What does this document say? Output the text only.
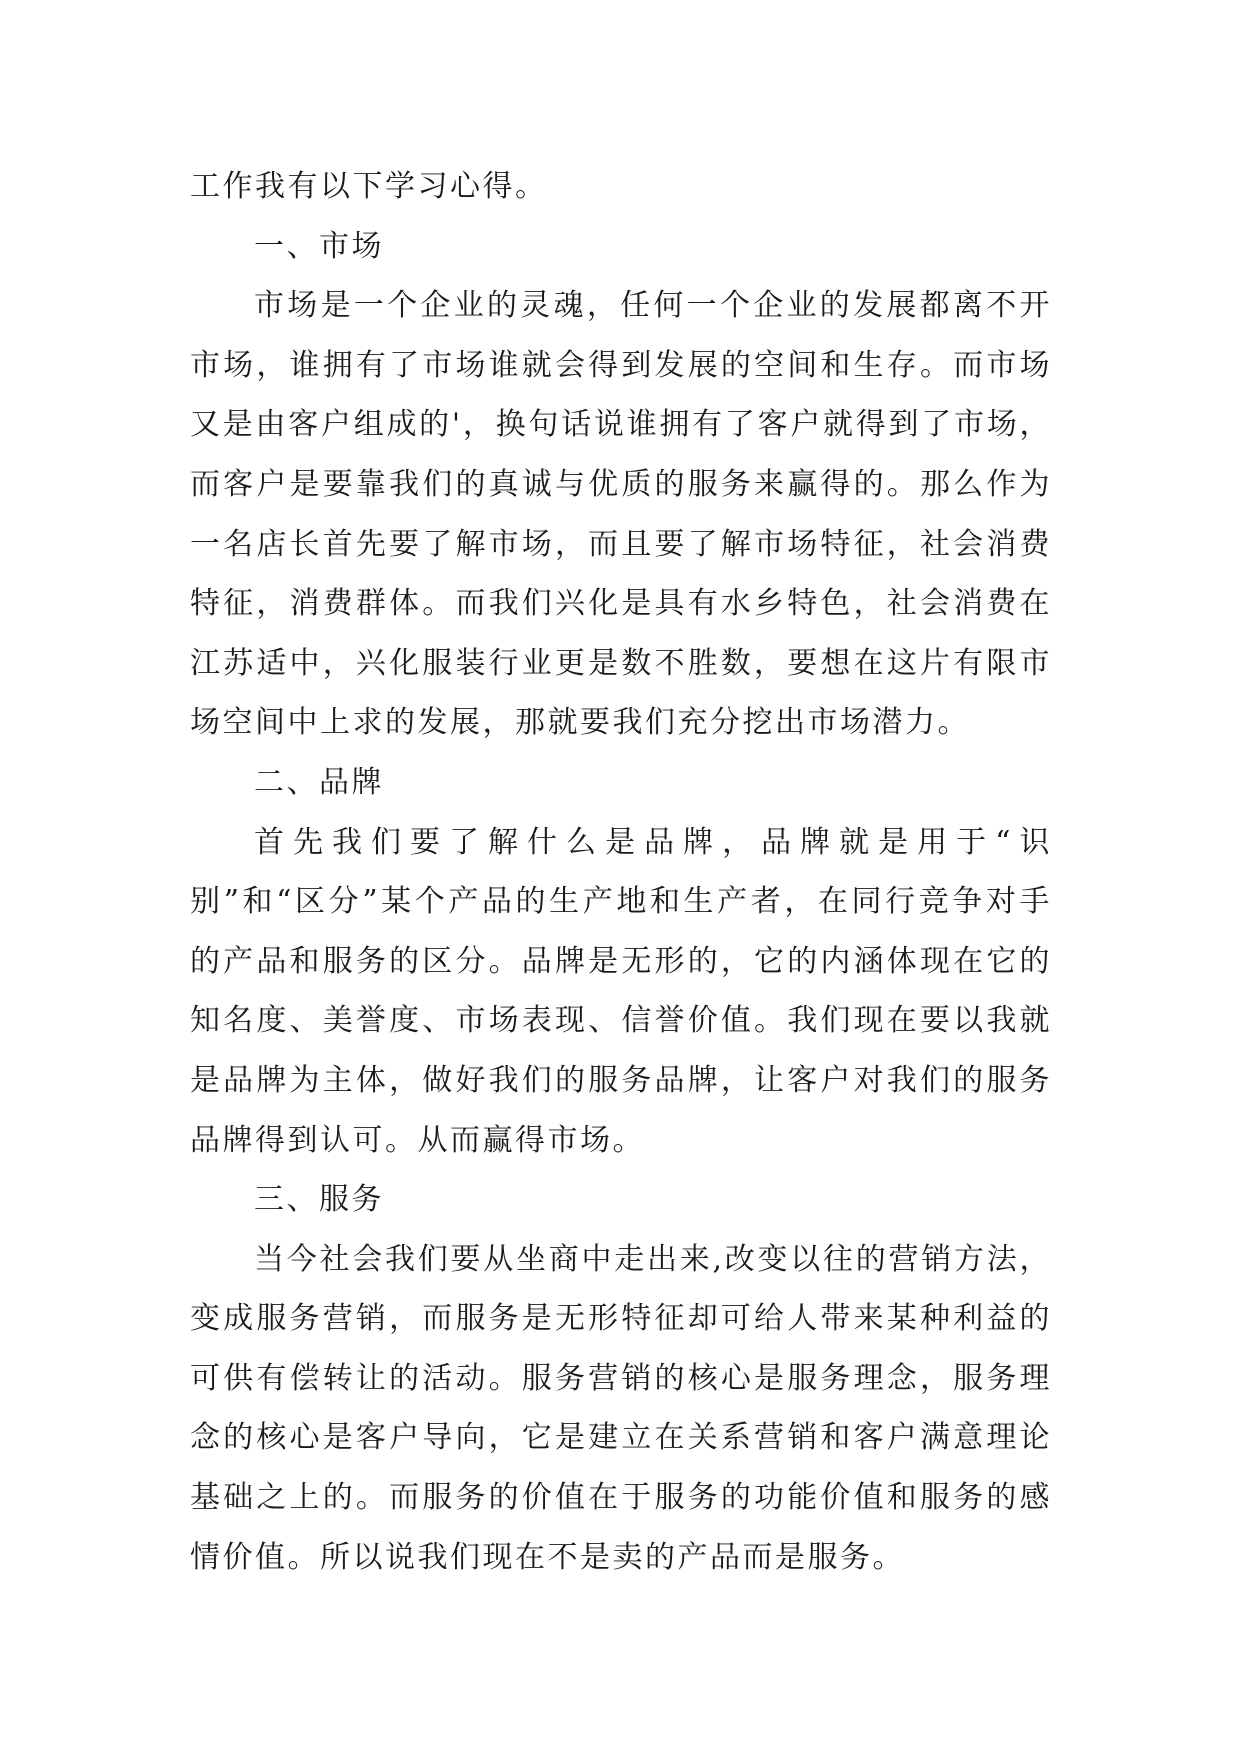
工作我有以下学习心得。

一、市场

市场是一个企业的灵魂，任何一个企业的发展都离不开市场，谁拥有了市场谁就会得到发展的空间和生存。而市场又是由客户组成的'，换句话说谁拥有了客户就得到了市场，而客户是要靠我们的真诚与优质的服务来赢得的。那么作为一名店长首先要了解市场，而且要了解市场特征，社会消费特征，消费群体。而我们兴化是具有水乡特色，社会消费在江苏适中，兴化服装行业更是数不胜数，要想在这片有限市场空间中上求的发展，那就要我们充分挖出市场潜力。

二、品牌

首先我们要了解什么是品牌，品牌就是用于“识别”和“区分”某个产品的生产地和生产者，在同行竞争对手的产品和服务的区分。品牌是无形的，它的内涵体现在它的知名度、美誉度、市场表现、信誉价值。我们现在要以我就是品牌为主体，做好我们的服务品牌，让客户对我们的服务品牌得到认可。从而赢得市场。

三、服务

当今社会我们要从坐商中走出来,改变以往的营销方法，变成服务营销，而服务是无形特征却可给人带来某种利益的可供有偿转让的活动。服务营销的核心是服务理念，服务理念的核心是客户导向，它是建立在关系营销和客户满意理论基础之上的。而服务的价值在于服务的功能价值和服务的感情价值。所以说我们现在不是卖的产品而是服务。
